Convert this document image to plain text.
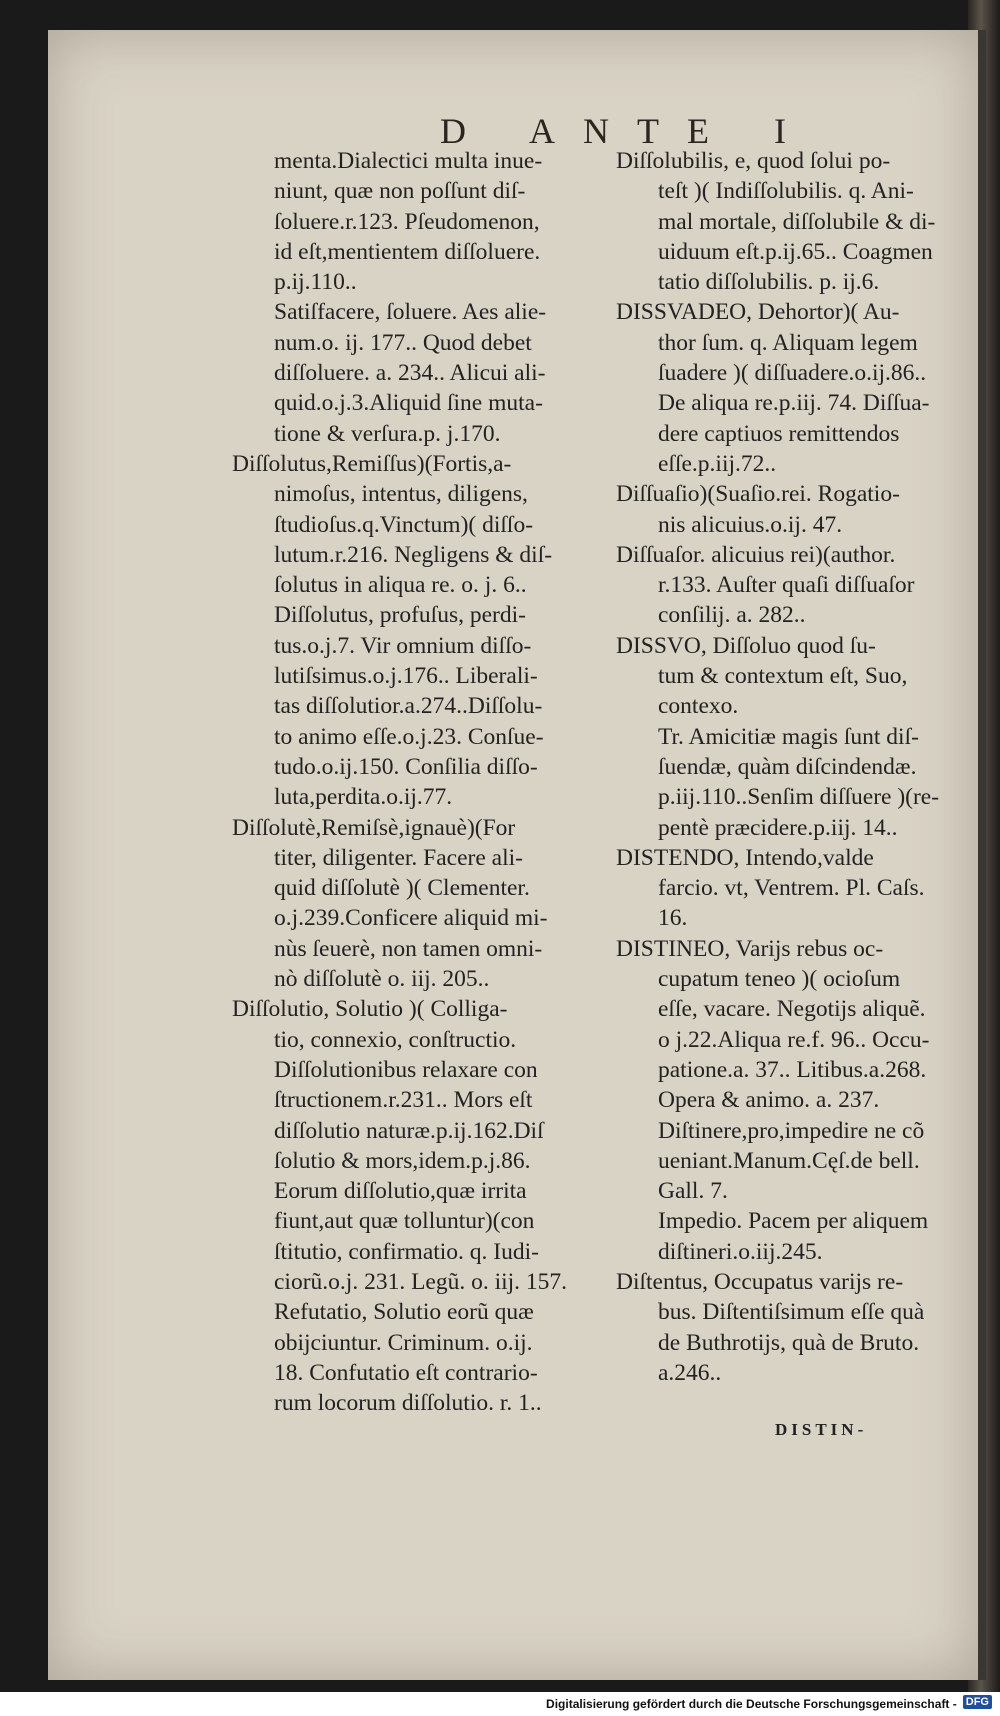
D ANTE I
menta.Dialectici multa inue-
niunt, quæ non poſſunt diſ-
ſoluere.r.123. Pſeudomenon,
id eſt,mentientem diſſoluere.
p.ij.110..
Satiſfacere, ſoluere. Aes alie-
num.o. ij. 177.. Quod debet
diſſoluere. a. 234.. Alicui ali-
quid.o.j.3.Aliquid ſine muta-
tione & verſura.p. j.170.
Diſſolutus,Remiſſus)(Fortis,a-
nimoſus, intentus, diligens,
ſtudioſus.q.Vinctum)( diſſo-
lutum.r.216. Negligens & diſ-
ſolutus in aliqua re. o. j. 6..
Diſſolutus, profuſus, perdi-
tus.o.j.7. Vir omnium diſſo-
lutiſsimus.o.j.176.. Liberali-
tas diſſolutior.a.274..Diſſolu-
to animo eſſe.o.j.23. Conſue-
tudo.o.ij.150. Conſilia diſſo-
luta,perdita.o.ij.77.
Diſſolutè,Remiſsè,ignauè)(For
titer, diligenter. Facere ali-
quid diſſolutè )( Clementer.
o.j.239.Conficere aliquid mi-
nùs ſeuerè, non tamen omni-
nò diſſolutè o. iij. 205..
Diſſolutio, Solutio )( Colliga-
tio, connexio, conſtructio.
Diſſolutionibus relaxare con
ſtructionem.r.231.. Mors eſt
diſſolutio naturæ.p.ij.162.Diſ
ſolutio & mors,idem.p.j.86.
Eorum diſſolutio,quæ irrita
fiunt,aut quæ tolluntur)(con
ſtitutio, confirmatio. q. Iudi-
ciorũ.o.j. 231. Legũ. o. iij. 157.
Refutatio, Solutio eorũ quæ
obijciuntur. Criminum. o.ij.
18. Confutatio eſt contrario-
rum locorum diſſolutio. r. 1..
Diſſolubilis, e, quod ſolui po-
teſt )( Indiſſolubilis. q. Ani-
mal mortale, diſſolubile & di-
uiduum eſt.p.ij.65.. Coagmen
tatio diſſolubilis. p. ij.6.
DISSVADEO, Dehortor)( Au-
thor ſum. q. Aliquam legem
ſuadere )( diſſuadere.o.ij.86..
De aliqua re.p.iij. 74. Diſſua-
dere captiuos remittendos
eſſe.p.iij.72..
Diſſuaſio)(Suaſio.rei. Rogatio-
nis alicuius.o.ij. 47.
Diſſuaſor. alicuius rei)(author.
r.133. Auſter quaſi diſſuaſor
conſilij. a. 282..
DISSVO, Diſſoluo quod ſu-
tum & contextum eſt, Suo,
contexo.
Tr. Amicitiæ magis ſunt diſ-
ſuendæ, quàm diſcindendæ.
p.iij.110..Senſim diſſuere )(re-
pentè præcidere.p.iij. 14..
DISTENDO, Intendo,valde
farcio. vt, Ventrem. Pl. Caſs.
16.
DISTINEO, Varijs rebus oc-
cupatum teneo )( ocioſum
eſſe, vacare. Negotijs aliquẽ.
o j.22.Aliqua re.f. 96.. Occu-
patione.a. 37.. Litibus.a.268.
Opera & animo. a. 237.
Diſtinere,pro,impedire ne cõ
ueniant.Manum.Cęſ.de bell.
Gall. 7.
Impedio. Pacem per aliquem
diſtineri.o.iij.245.
Diſtentus, Occupatus varijs re-
bus. Diſtentiſsimum eſſe quà
de Buthrotijs, quà de Bruto.
a.246..
DISTIN-
Digitalisierung gefördert durch die Deutsche Forschungsgemeinschaft - DFG
